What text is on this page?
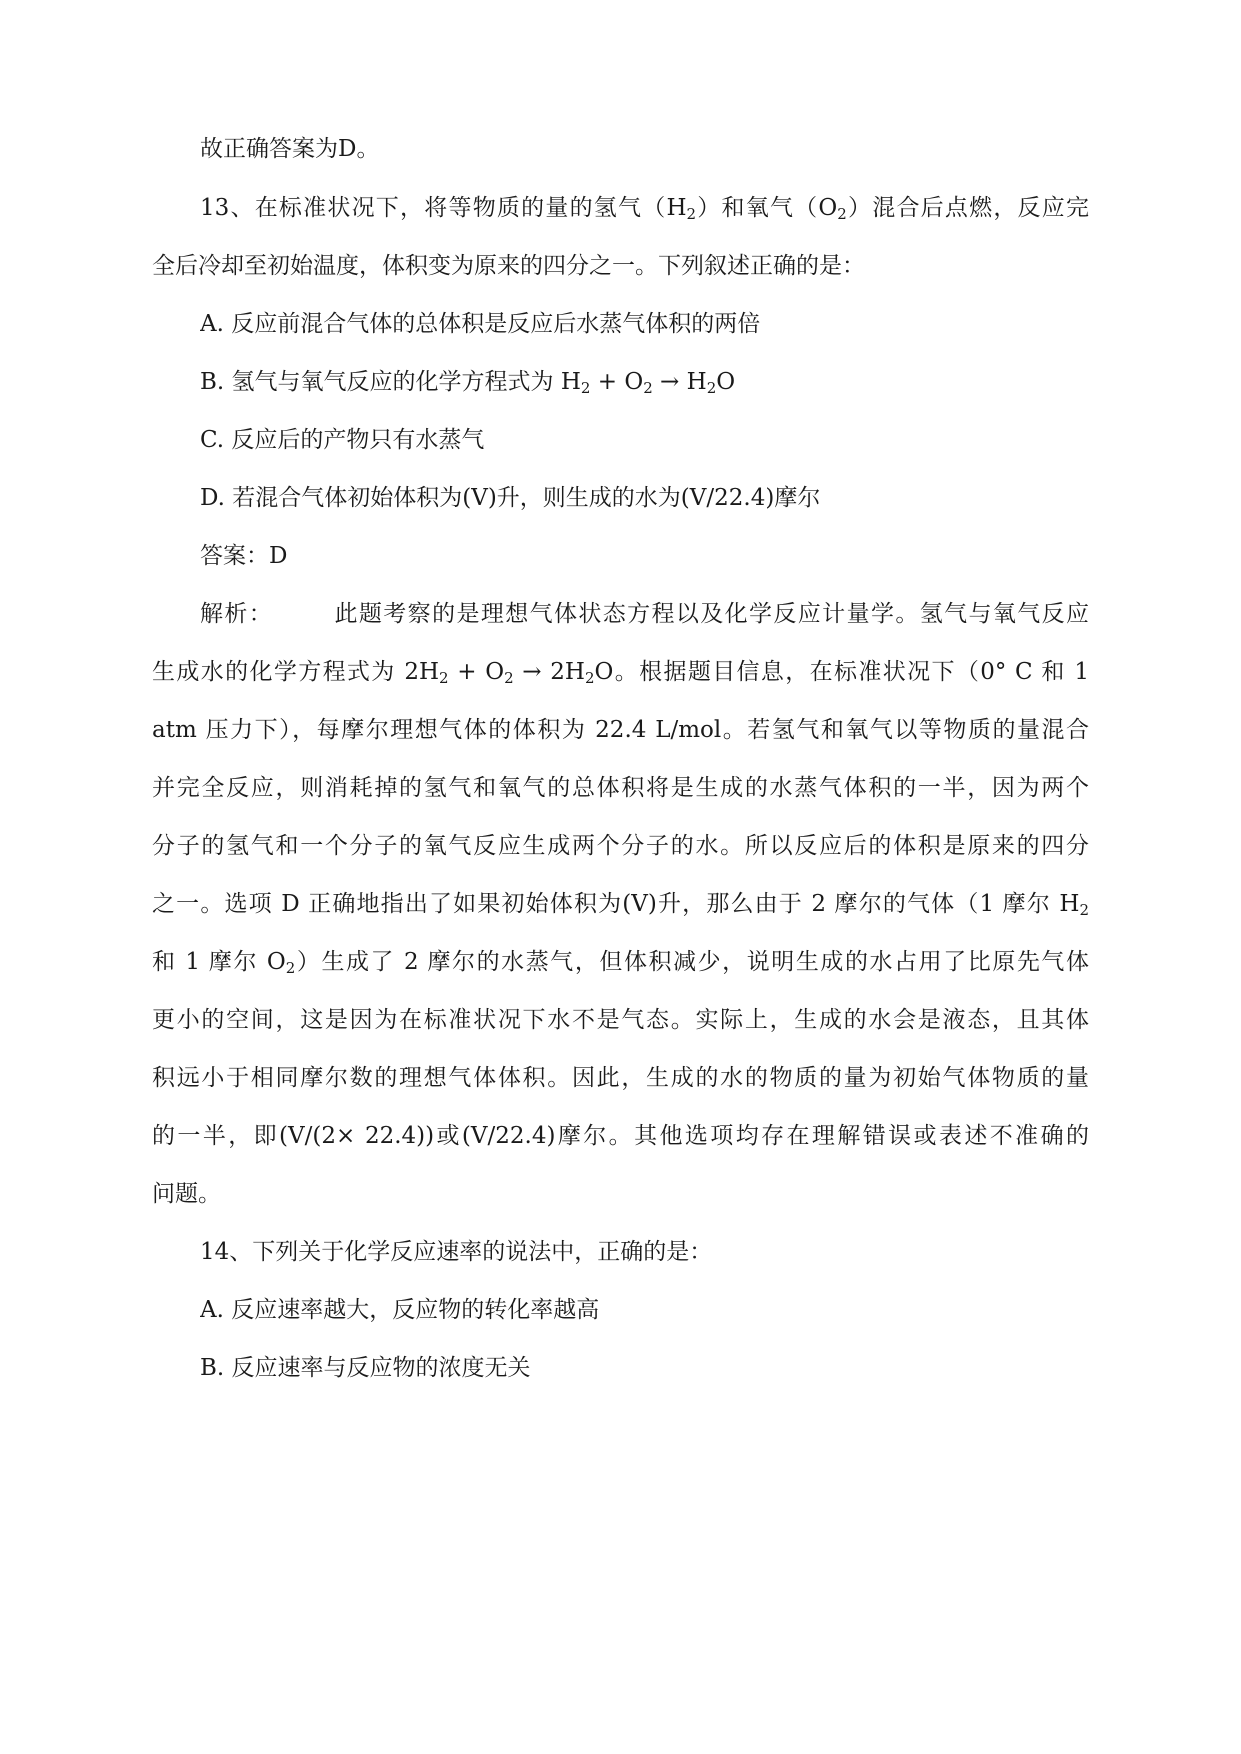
故正确答案为D。
13、在标准状况下，将等物质的量的氢气$(H_2)$和氧气$(O_2)$混合后点燃，反应完
全后冷却至初始温度，体积变为原来的四分之一。下列叙述正确的是：
A. 反应前混合气体的总体积是反应后水蒸气体积的两倍
B. 氢气与氧气反应的化学方程式为 $H_2 + O_2 \to H_2O$
C. 反应后的产物只有水蒸气
D. 若混合气体初始体积为(V)升，则生成的水为(V/22.4)摩尔
答案：D
解析：	此题考察的是理想气体状态方程以及化学反应计量学。氢气与氧气反应
生成水的化学方程式为 $2H_2 + O_2 \to 2H_2O$。根据题目信息，在标准状况下（0° C 和 1
atm 压力下），每摩尔理想气体的体积为 22.4 L/mol。若氢气和氧气以等物质的量混合
并完全反应，则消耗掉的氢气和氧气的总体积将是生成的水蒸气体积的一半，因为两个
分子的氢气和一个分子的氧气反应生成两个分子的水。所以反应后的体积是原来的四分
之一。选项 D 正确地指出了如果初始体积为(V)升，那么由于 2 摩尔的气体（1 摩尔 $H_2$
和 1 摩尔 $O_2$）生成了 2 摩尔的水蒸气，但体积减少，说明生成的水占用了比原先气体
更小的空间，这是因为在标准状况下水不是气态。实际上，生成的水会是液态，且其体
积远小于相同摩尔数的理想气体体积。因此，生成的水的物质的量为初始气体物质的量
的一半，即(V/(2× 22.4))或(V/22.4)摩尔。其他选项均存在理解错误或表述不准确的
问题。
14、下列关于化学反应速率的说法中，正确的是：
A. 反应速率越大，反应物的转化率越高
B. 反应速率与反应物的浓度无关
